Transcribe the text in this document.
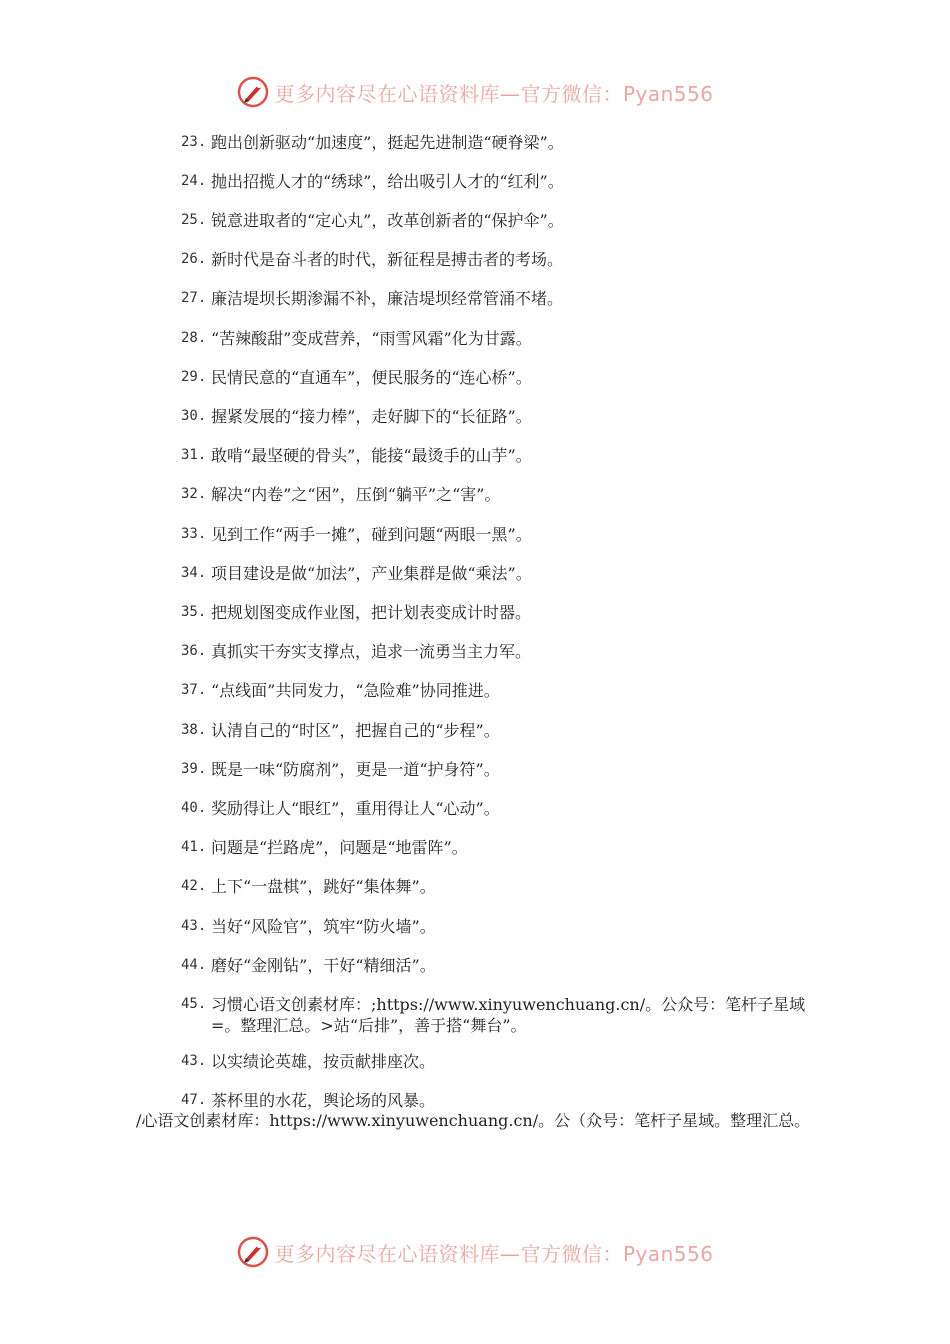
更多内容尽在心语资料库—官方微信：Pyan556
23. 跑出创新驱动“加速度”，挺起先进制造“硬脊梁”。
24. 抛出招揽人才的“绣球”，给出吸引人才的“红利”。
25. 锐意进取者的“定心丸”，改革创新者的“保护伞”。
26. 新时代是奋斗者的时代，新征程是搏击者的考场。
27. 廉洁堤坝长期渗漏不补，廉洁堤坝经常管涌不堵。
28. “苦辣酸甜”变成营养，“雨雪风霜”化为甘露。
29. 民情民意的“直通车”，便民服务的“连心桥”。
30. 握紧发展的“接力棒”，走好脚下的“长征路”。
31. 敢啃“最坚硬的骨头”，能接“最烫手的山芋”。
32. 解决“内卷”之“困”，压倒“躺平”之“害”。
33. 见到工作“两手一摊”，碰到问题“两眼一黑”。
34. 项目建设是做“加法”，产业集群是做“乘法”。
35. 把规划图变成作业图，把计划表变成计时器。
36. 真抓实干夯实支撑点，追求一流勇当主力军。
37. “点线面”共同发力，“急险难”协同推进。
38. 认清自己的“时区”，把握自己的“步程”。
39. 既是一味“防腐剂”，更是一道“护身符”。
40. 奖励得让人“眼红”，重用得让人“心动”。
41. 问题是“拦路虎”，问题是“地雷阵”。
42. 上下“一盘棋”，跳好“集体舞”。
43. 当好“风险官”，筑牢“防火墙”。
44. 磨好“金刚钻”，干好“精细活”。
45. 习惯心语文创素材库：;https://www.xinyuwenchuang.cn/。公众号：笔杆子星域=。整理汇总。>站“后排”，善于搭“舞台”。
43. 以实绩论英雄，按贡献排座次。
47. 茶杯里的水花，舆论场的风暴。
/心语文创素材库：https://www.xinyuwenchuang.cn/。公（众号：笔杆子星域。整理汇总。
更多内容尽在心语资料库—官方微信：Pyan556
